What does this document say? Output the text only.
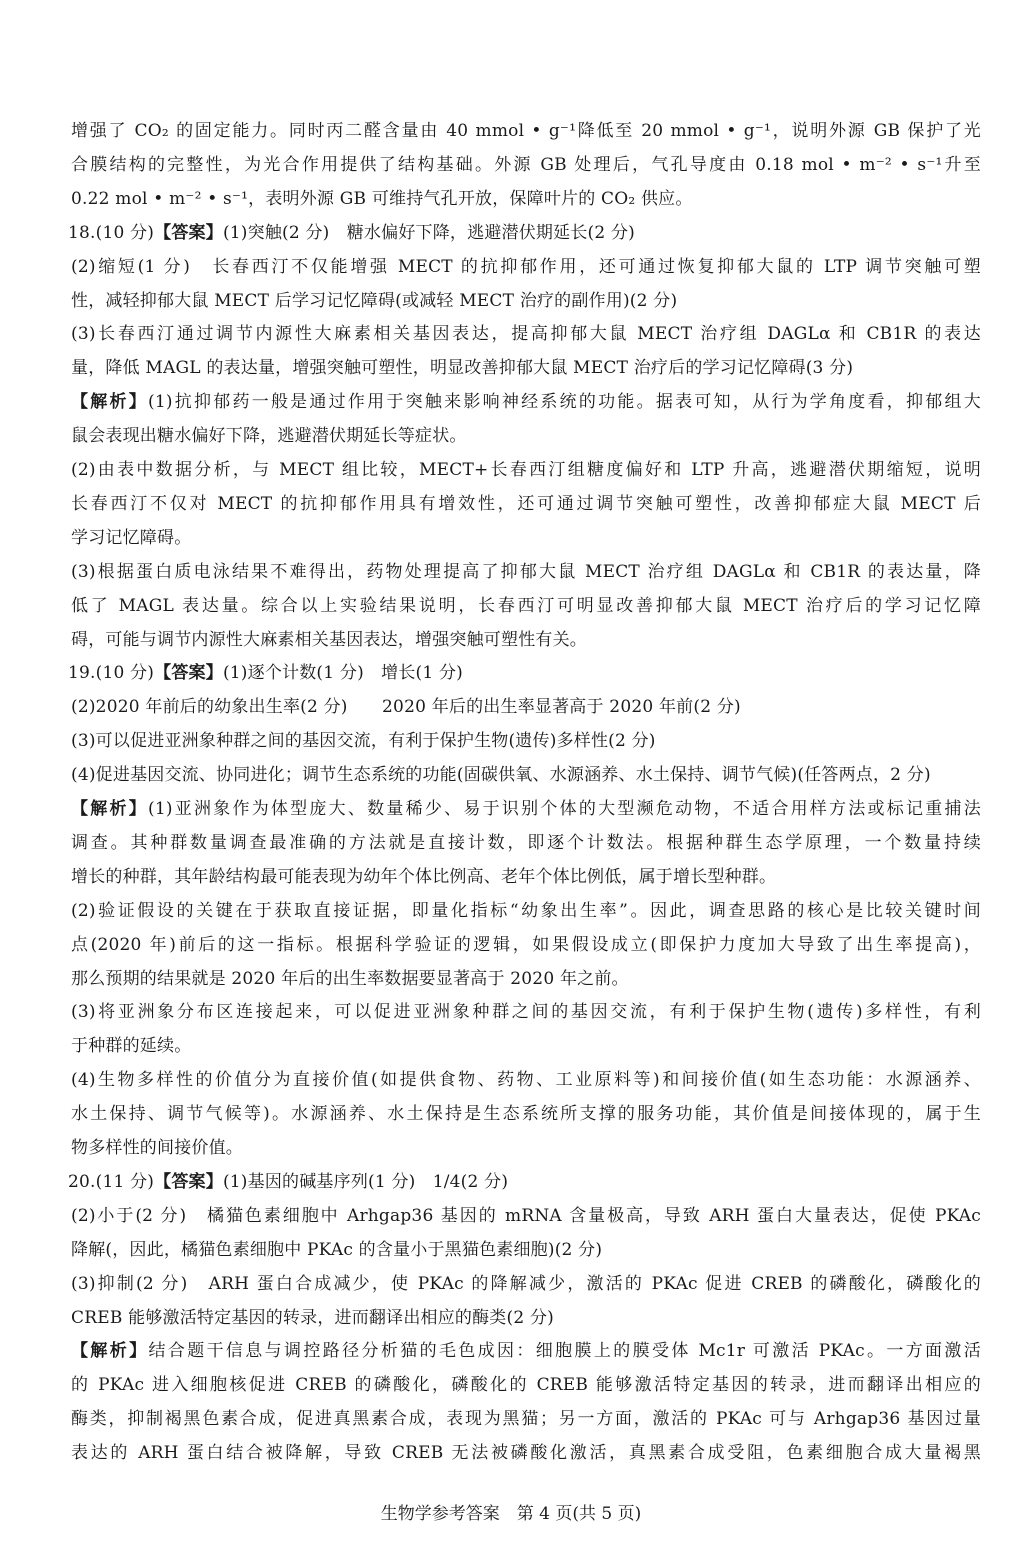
增强了 CO₂ 的固定能力。同时丙二醛含量由 40 mmol • g⁻¹降低至 20 mmol • g⁻¹，说明外源 GB 保护了光
合膜结构的完整性，为光合作用提供了结构基础。外源 GB 处理后，气孔导度由 0.18 mol • m⁻² • s⁻¹升至
0.22 mol • m⁻² • s⁻¹，表明外源 GB 可维持气孔开放，保障叶片的 CO₂ 供应。
18.(10 分)【答案】(1)突触(2 分)　糖水偏好下降，逃避潜伏期延长(2 分)
(2)缩短(1 分)　长春西汀不仅能增强 MECT 的抗抑郁作用，还可通过恢复抑郁大鼠的 LTP 调节突触可塑
性，减轻抑郁大鼠 MECT 后学习记忆障碍(或减轻 MECT 治疗的副作用)(2 分)
(3)长春西汀通过调节内源性大麻素相关基因表达，提高抑郁大鼠 MECT 治疗组 DAGLα 和 CB1R 的表达
量，降低 MAGL 的表达量，增强突触可塑性，明显改善抑郁大鼠 MECT 治疗后的学习记忆障碍(3 分)
【解析】(1)抗抑郁药一般是通过作用于突触来影响神经系统的功能。据表可知，从行为学角度看，抑郁组大
鼠会表现出糖水偏好下降，逃避潜伏期延长等症状。
(2)由表中数据分析，与 MECT 组比较，MECT+长春西汀组糖度偏好和 LTP 升高，逃避潜伏期缩短，说明
长春西汀不仅对 MECT 的抗抑郁作用具有增效性，还可通过调节突触可塑性，改善抑郁症大鼠 MECT 后
学习记忆障碍。
(3)根据蛋白质电泳结果不难得出，药物处理提高了抑郁大鼠 MECT 治疗组 DAGLα 和 CB1R 的表达量，降
低了 MAGL 表达量。综合以上实验结果说明，长春西汀可明显改善抑郁大鼠 MECT 治疗后的学习记忆障
碍，可能与调节内源性大麻素相关基因表达，增强突触可塑性有关。
19.(10 分)【答案】(1)逐个计数(1 分)　增长(1 分)
(2)2020 年前后的幼象出生率(2 分)　　2020 年后的出生率显著高于 2020 年前(2 分)
(3)可以促进亚洲象种群之间的基因交流，有利于保护生物(遗传)多样性(2 分)
(4)促进基因交流、协同进化；调节生态系统的功能(固碳供氧、水源涵养、水土保持、调节气候)(任答两点，2 分)
【解析】(1)亚洲象作为体型庞大、数量稀少、易于识别个体的大型濒危动物，不适合用样方法或标记重捕法
调查。其种群数量调查最准确的方法就是直接计数，即逐个计数法。根据种群生态学原理，一个数量持续
增长的种群，其年龄结构最可能表现为幼年个体比例高、老年个体比例低，属于增长型种群。
(2)验证假设的关键在于获取直接证据，即量化指标“幼象出生率”。因此，调查思路的核心是比较关键时间
点(2020 年)前后的这一指标。根据科学验证的逻辑，如果假设成立(即保护力度加大导致了出生率提高)，
那么预期的结果就是 2020 年后的出生率数据要显著高于 2020 年之前。
(3)将亚洲象分布区连接起来，可以促进亚洲象种群之间的基因交流，有利于保护生物(遗传)多样性，有利
于种群的延续。
(4)生物多样性的价值分为直接价值(如提供食物、药物、工业原料等)和间接价值(如生态功能：水源涵养、
水土保持、调节气候等)。水源涵养、水土保持是生态系统所支撑的服务功能，其价值是间接体现的，属于生
物多样性的间接价值。
20.(11 分)【答案】(1)基因的碱基序列(1 分)　1/4(2 分)
(2)小于(2 分)　橘猫色素细胞中 Arhgap36 基因的 mRNA 含量极高，导致 ARH 蛋白大量表达，促使 PKAc
降解(，因此，橘猫色素细胞中 PKAc 的含量小于黑猫色素细胞)(2 分)
(3)抑制(2 分)　ARH 蛋白合成减少，使 PKAc 的降解减少，激活的 PKAc 促进 CREB 的磷酸化，磷酸化的
CREB 能够激活特定基因的转录，进而翻译出相应的酶类(2 分)
【解析】结合题干信息与调控路径分析猫的毛色成因：细胞膜上的膜受体 Mc1r 可激活 PKAc。一方面激活
的 PKAc 进入细胞核促进 CREB 的磷酸化，磷酸化的 CREB 能够激活特定基因的转录，进而翻译出相应的
酶类，抑制褐黑色素合成，促进真黑素合成，表现为黑猫；另一方面，激活的 PKAc 可与 Arhgap36 基因过量
表达的 ARH 蛋白结合被降解，导致 CREB 无法被磷酸化激活，真黑素合成受阻，色素细胞合成大量褐黑
生物学参考答案　第 4 页(共 5 页)
